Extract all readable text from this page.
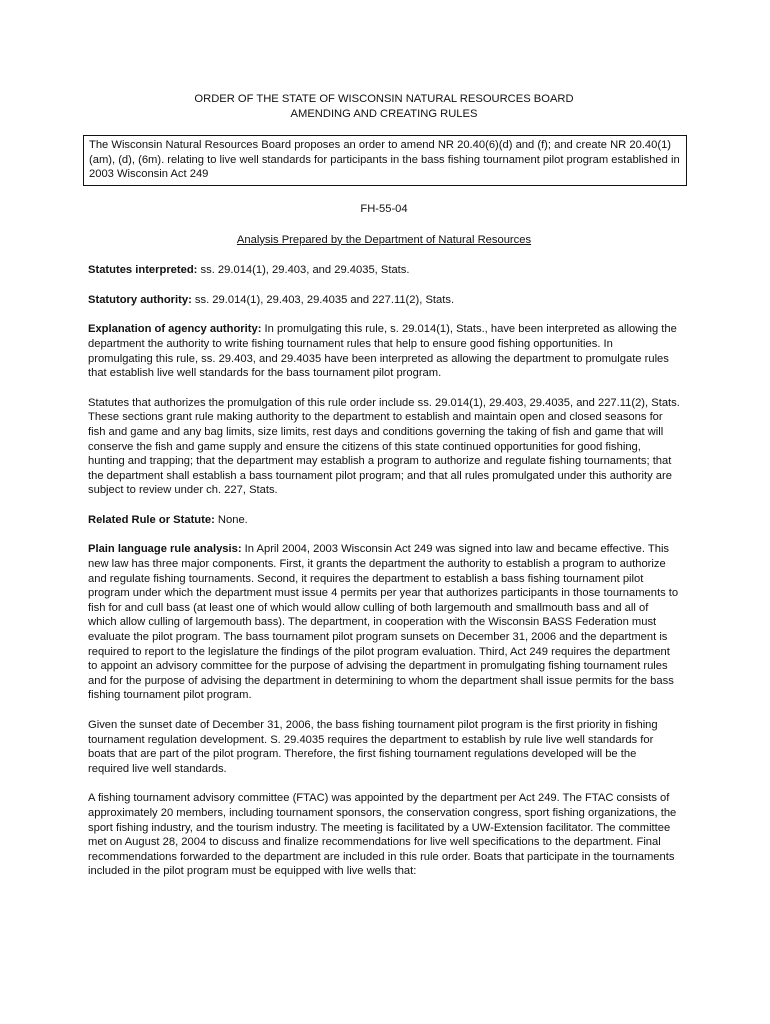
ORDER OF THE STATE OF WISCONSIN NATURAL RESOURCES BOARD

AMENDING AND CREATING RULES

The Wisconsin Natural Resources Board proposes an order to amend NR 20.40(6)(d) and (f); and create NR 20.40(1)(am), (d), (6m). relating to live well standards for participants in the bass fishing tournament pilot program established in 2003 Wisconsin Act 249

FH-55-04

Analysis Prepared by the Department of Natural Resources

Statutes interpreted: ss. 29.014(1), 29.403, and 29.4035, Stats.

Statutory authority: ss. 29.014(1), 29.403, 29.4035 and 227.11(2), Stats.

Explanation of agency authority: In promulgating this rule, s. 29.014(1), Stats., have been interpreted as allowing the department the authority to write fishing tournament rules that help to ensure good fishing opportunities. In promulgating this rule, ss. 29.403, and 29.4035 have been interpreted as allowing the department to promulgate rules that establish live well standards for the bass tournament pilot program.

Statutes that authorizes the promulgation of this rule order include ss. 29.014(1), 29.403, 29.4035, and 227.11(2), Stats. These sections grant rule making authority to the department to establish and maintain open and closed seasons for fish and game and any bag limits, size limits, rest days and conditions governing the taking of fish and game that will conserve the fish and game supply and ensure the citizens of this state continued opportunities for good fishing, hunting and trapping; that the department may establish a program to authorize and regulate fishing tournaments; that the department shall establish a bass tournament pilot program; and that all rules promulgated under this authority are subject to review under ch. 227, Stats.

Related Rule or Statute: None.

Plain language rule analysis: In April 2004, 2003 Wisconsin Act 249 was signed into law and became effective. This new law has three major components. First, it grants the department the authority to establish a program to authorize and regulate fishing tournaments. Second, it requires the department to establish a bass fishing tournament pilot program under which the department must issue 4 permits per year that authorizes participants in those tournaments to fish for and cull bass (at least one of which would allow culling of both largemouth and smallmouth bass and all of which allow culling of largemouth bass). The department, in cooperation with the Wisconsin BASS Federation must evaluate the pilot program. The bass tournament pilot program sunsets on December 31, 2006 and the department is required to report to the legislature the findings of the pilot program evaluation. Third, Act 249 requires the department to appoint an advisory committee for the purpose of advising the department in promulgating fishing tournament rules and for the purpose of advising the department in determining to whom the department shall issue permits for the bass fishing tournament pilot program.

Given the sunset date of December 31, 2006, the bass fishing tournament pilot program is the first priority in fishing tournament regulation development. S. 29.4035 requires the department to establish by rule live well standards for boats that are part of the pilot program. Therefore, the first fishing tournament regulations developed will be the required live well standards.

A fishing tournament advisory committee (FTAC) was appointed by the department per Act 249. The FTAC consists of approximately 20 members, including tournament sponsors, the conservation congress, sport fishing organizations, the sport fishing industry, and the tourism industry. The meeting is facilitated by a UW-Extension facilitator. The committee met on August 28, 2004 to discuss and finalize recommendations for live well specifications to the department. Final recommendations forwarded to the department are included in this rule order. Boats that participate in the tournaments included in the pilot program must be equipped with live wells that:
